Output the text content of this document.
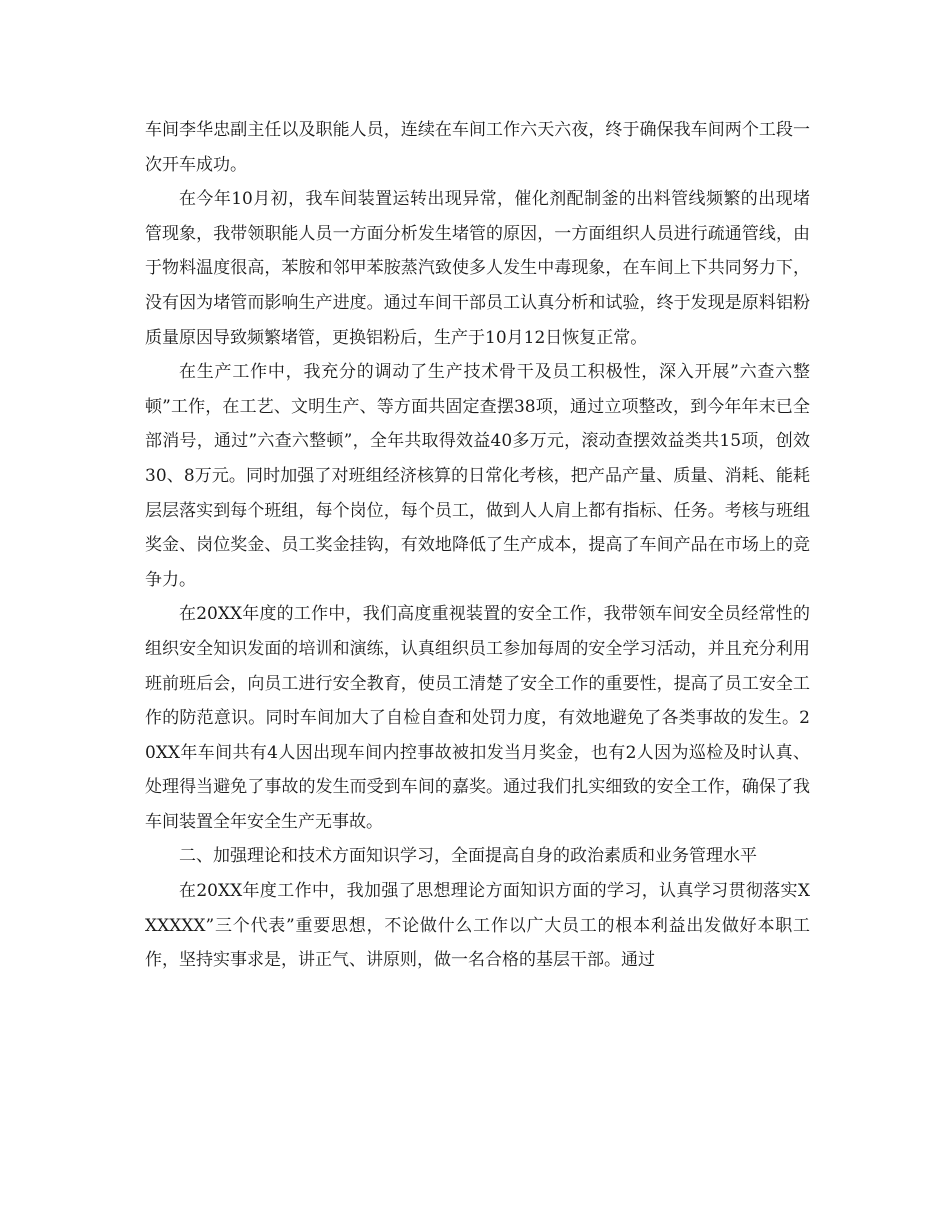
车间李华忠副主任以及职能人员，连续在车间工作六天六夜，终于确保我车间两个工段一次开车成功。

在今年10月初，我车间装置运转出现异常，催化剂配制釜的出料管线频繁的出现堵管现象，我带领职能人员一方面分析发生堵管的原因，一方面组织人员进行疏通管线，由于物料温度很高，苯胺和邻甲苯胺蒸汽致使多人发生中毒现象，在车间上下共同努力下，没有因为堵管而影响生产进度。通过车间干部员工认真分析和试验，终于发现是原料铝粉质量原因导致频繁堵管，更换铝粉后，生产于10月12日恢复正常。

在生产工作中，我充分的调动了生产技术骨干及员工积极性，深入开展”六查六整顿”工作，在工艺、文明生产、等方面共固定查摆38项，通过立项整改，到今年年末已全部消号，通过”六查六整顿”，全年共取得效益40多万元，滚动查摆效益类共15项，创效30、8万元。同时加强了对班组经济核算的日常化考核，把产品产量、质量、消耗、能耗层层落实到每个班组，每个岗位，每个员工，做到人人肩上都有指标、任务。考核与班组奖金、岗位奖金、员工奖金挂钩，有效地降低了生产成本，提高了车间产品在市场上的竞争力。

在20XX年度的工作中，我们高度重视装置的安全工作，我带领车间安全员经常性的组织安全知识发面的培训和演练，认真组织员工参加每周的安全学习活动，并且充分利用班前班后会，向员工进行安全教育，使员工清楚了安全工作的重要性，提高了员工安全工作的防范意识。同时车间加大了自检自查和处罚力度，有效地避免了各类事故的发生。20XX年车间共有4人因出现车间内控事故被扣发当月奖金，也有2人因为巡检及时认真、处理得当避免了事故的发生而受到车间的嘉奖。通过我们扎实细致的安全工作，确保了我车间装置全年安全生产无事故。

二、加强理论和技术方面知识学习，全面提高自身的政治素质和业务管理水平

在20XX年度工作中，我加强了思想理论方面知识方面的学习，认真学习贯彻落实XXXXXX”三个代表”重要思想，不论做什么工作以广大员工的根本利益出发做好本职工作，坚持实事求是，讲正气、讲原则，做一名合格的基层干部。通过
